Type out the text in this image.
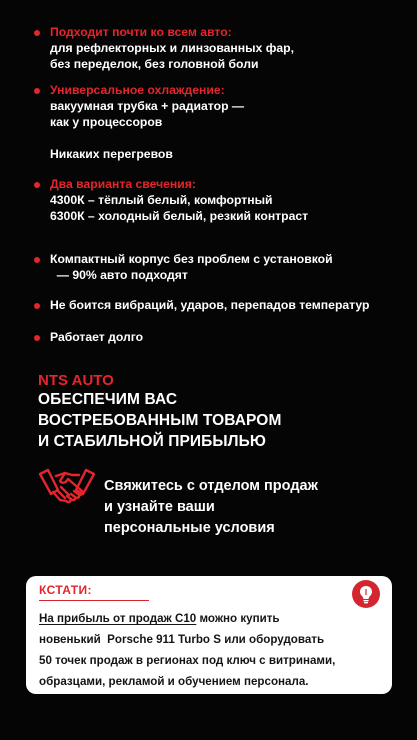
Подходит почти ко всем авто:
для рефлекторных и линзованных фар,
без переделок, без головной боли
Универсальное охлаждение:
вакуумная трубка + радиатор —
как у процессоров
Никаких перегревов
Два варианта свечения:
4300К – тёплый белый, комфортный
6300К – холодный белый, резкий контраст
Компактный корпус без проблем с установкой
— 90% авто подходят
Не боится вибраций, ударов, перепадов температур
Работает долго
NTS AUTO
ОБЕСПЕЧИМ ВАС
ВОСТРЕБОВАННЫМ ТОВАРОМ
И СТАБИЛЬНОЙ ПРИБЫЛЬЮ
Свяжитесь с отделом продаж
и узнайте ваши
персональные условия
КСТАТИ:
На прибыль от продаж С10 можно купить
новенький  Porsche 911 Turbo S или оборудовать
50 точек продаж в регионах под ключ с витринами,
образцами, рекламой и обучением персонала.
